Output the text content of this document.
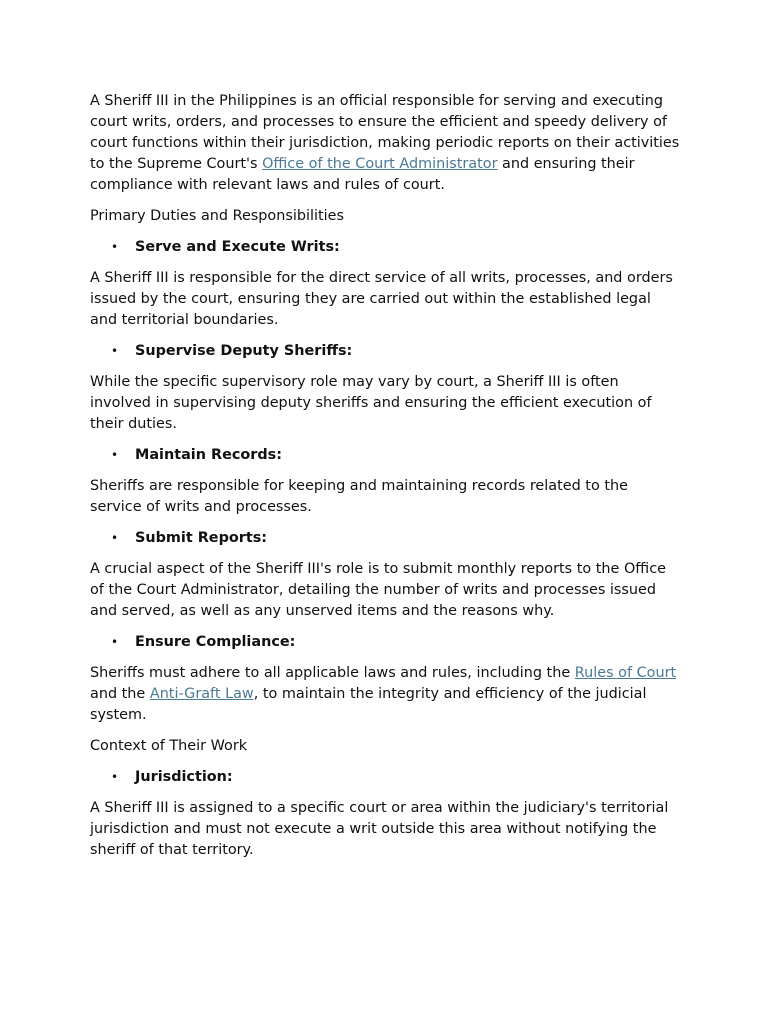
A Sheriff III in the Philippines is an official responsible for serving and executing court writs, orders, and processes to ensure the efficient and speedy delivery of court functions within their jurisdiction, making periodic reports on their activities to the Supreme Court's Office of the Court Administrator and ensuring their compliance with relevant laws and rules of court.

Primary Duties and Responsibilities

• Serve and Execute Writs:

A Sheriff III is responsible for the direct service of all writs, processes, and orders issued by the court, ensuring they are carried out within the established legal and territorial boundaries.

• Supervise Deputy Sheriffs:

While the specific supervisory role may vary by court, a Sheriff III is often involved in supervising deputy sheriffs and ensuring the efficient execution of their duties.

• Maintain Records:

Sheriffs are responsible for keeping and maintaining records related to the service of writs and processes.

• Submit Reports:

A crucial aspect of the Sheriff III's role is to submit monthly reports to the Office of the Court Administrator, detailing the number of writs and processes issued and served, as well as any unserved items and the reasons why.

• Ensure Compliance:

Sheriffs must adhere to all applicable laws and rules, including the Rules of Court and the Anti-Graft Law, to maintain the integrity and efficiency of the judicial system.

Context of Their Work

• Jurisdiction:

A Sheriff III is assigned to a specific court or area within the judiciary's territorial jurisdiction and must not execute a writ outside this area without notifying the sheriff of that territory.
